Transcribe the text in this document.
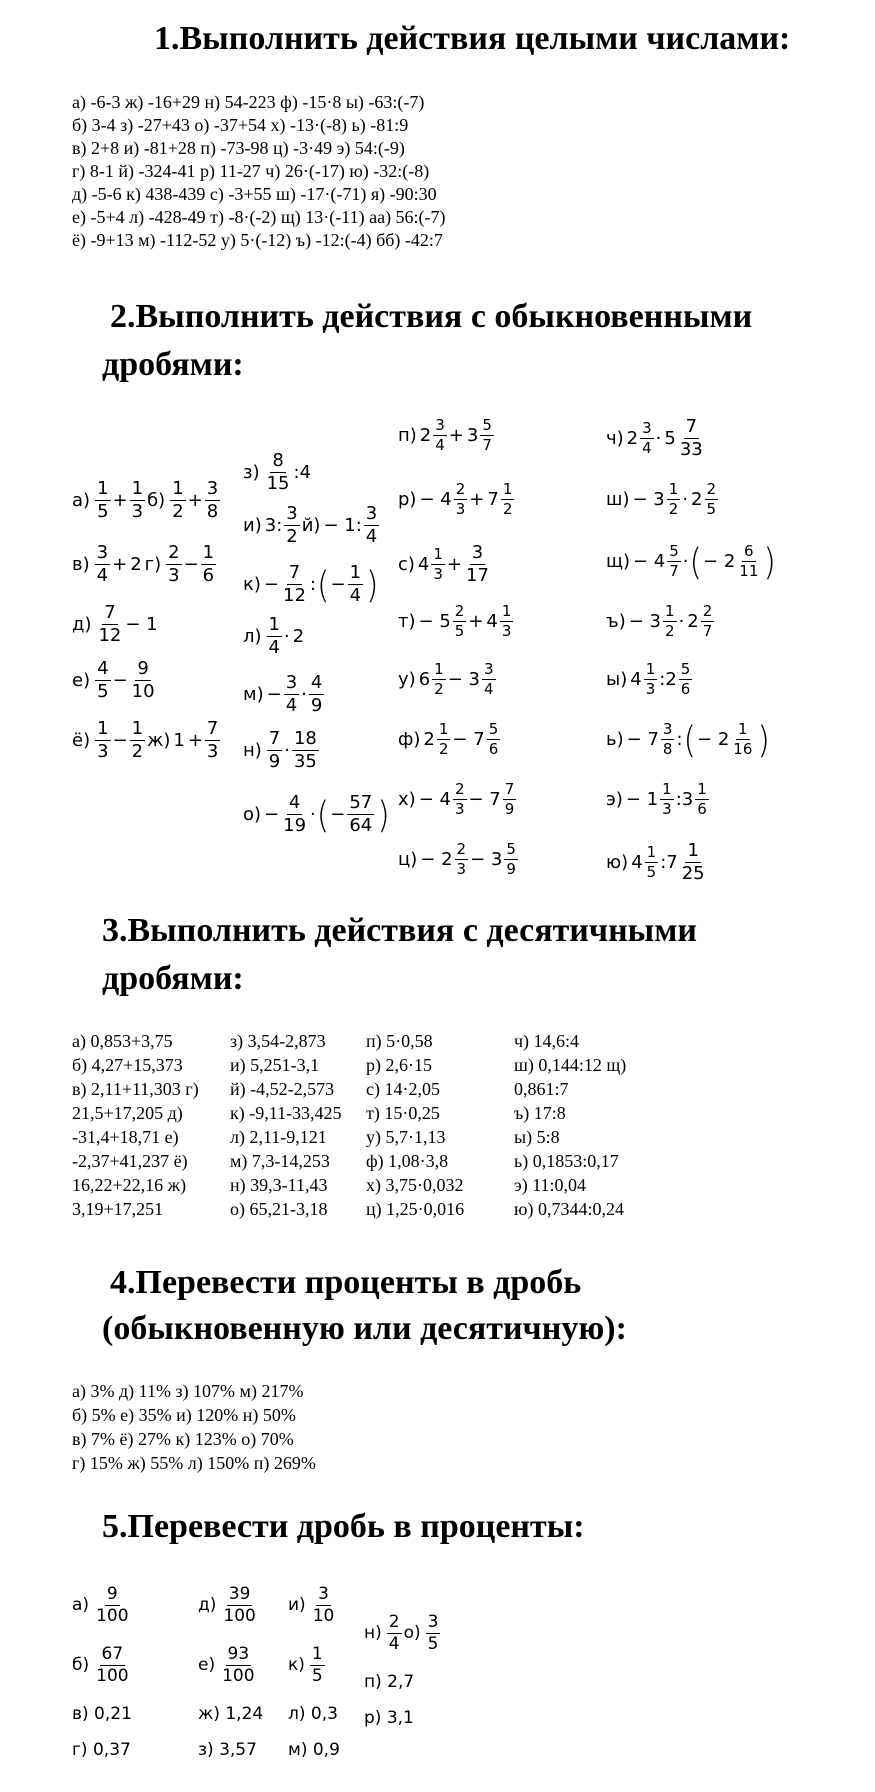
1.Выполнить действия целыми числами:

а) -6-3 ж) -16+29 н) 54-223 ф) -15·8 ы) -63:(-7)

б) 3-4 з) -27+43 о) -37+54 х) -13·(-8) ь) -81:9

в) 2+8 и) -81+28 п) -73-98 ц) -3·49 э) 54:(-9)

г) 8-1 й) -324-41 р) 11-27 ч) 26·(-17) ю) -32:(-8)

д) -5-6 к) 438-439 с) -3+55 ш) -17·(-71) я) -90:30

е) -5+4 л) -428-49 т) -8·(-2) щ) 13·(-11) аа) 56:(-7)

ё) -9+13 м) -112-52 у) 5·(-12) ъ) -12:(-4) бб) -42:7

2.Выполнить действия с обыкновенными
дробями:
а)
1
5
+ $\frac{1}{3} б$)
1
2
+ $\frac{3}{8}$
в)
3
4
+ 2 г)
2
3
− $\frac{1}{6}$
д)
7
12
− 1
е)
4
5
− $\frac{9}{10}$
ё)
1
3
− $\frac{1}{2} ж$) $1 + \frac{7}{3}$
з)
8
15
: 4
и) 3 :
3
2
й) − 1 :
3
4
$к) - \frac{7}{12}$ : ( − $\frac{1}{4}$ )
л)
1
4
· 2
$м) - \frac{3}{4}$ ·
4
9
н)
7
9
·
18
35
$о) - \frac{4}{19}$ · ( − $\frac{57}{64}$ )
п) 2 3
4 + 3 5
7
р) − 4 2
3 + 7 1
2
с) 4 1
$3 + \frac{3}{17}$
т) − 5 2
5 + 4 1
3
у) 6 1
2 − 3 3
4
ф) 2 1
2 − 7 5
6
х) − 4 2
3 − 7 7
9
ц) − 2 2
3 − 3 5
9
ч) 2 3
4 · 5
7
33
ш) − 3 1
2 · 2 2
5
щ) − 4 5
7 · ( − 2 6
11 )
ъ) − 3 1
2 · 2 2
7
ы) 4 1
3 : 2 5
6
ь) − 7 3
8 : ( − 2 1
16 )
э) − 1 1
3 : 3 1
6
ю) 4 1
5 : 7
1
25
3.Выполнить действия с десятичными
дробями:
а) 0,853+3,75
б) 4,27+15,373
в) 2,11+11,303 г)
21,5+17,205 д)
-31,4+18,71 е)
-2,37+41,237 ё)
16,22+22,16 ж)
3,19+17,251
з) 3,54-2,873
и) 5,251-3,1
й) -4,52-2,573
к) -9,11-33,425
л) 2,11-9,121
м) 7,3-14,253
н) 39,3-11,43
о) 65,21-3,18
п) 5·0,58
р) 2,6·15
с) 14·2,05
т) 15·0,25
у) 5,7·1,13
ф) 1,08·3,8
х) 3,75·0,032
ц) 1,25·0,016
ч) 14,6:4
ш) 0,144:12 щ)
0,861:7
ъ) 17:8
ы) 5:8
ь) 0,1853:0,17
э) 11:0,04
ю) 0,7344:0,24
4.Перевести проценты в дробь
(обыкновенную или десятичную):

а) 3% д) 11% з) 107% м) 217%

б) 5% е) 35% и) 120% н) 50%

в) 7% ё) 27% к) 123% о) 70%

г) 15% ж) 55% л) 150% п) 269%

5.Перевести дробь в проценты:
а)
9
100
б)
67
100
в) 0,21
г) 0,37
д)
39
100
е)
93
100
ж) 1,24
з) 3,57
и)
3
10
к)
1
5
л) 0,3
м) 0,9
н)
2
4
о)
3
5
п) 2,7
р) 3,1
